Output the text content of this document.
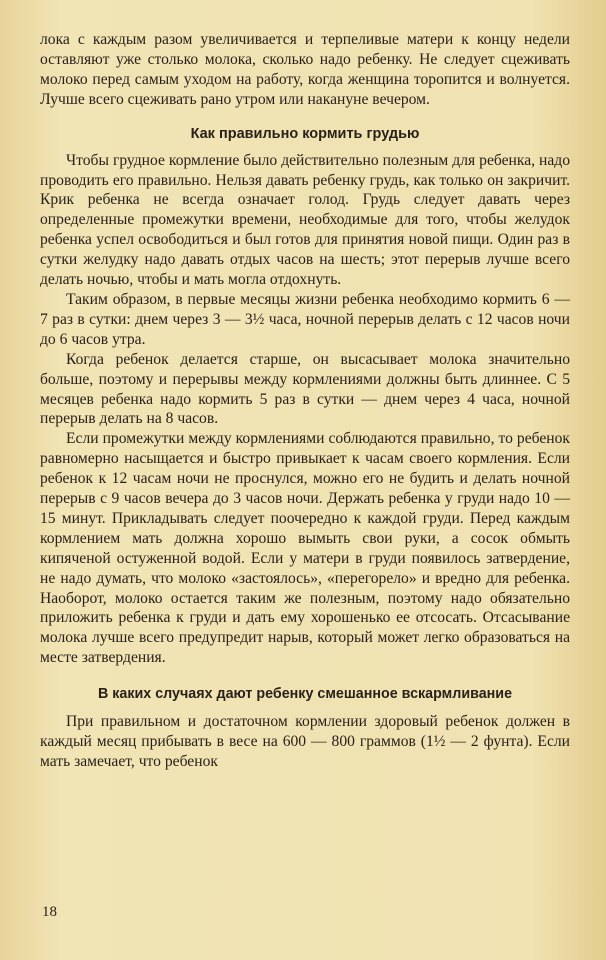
лока с каждым разом увеличивается и терпеливые матери к концу недели оставляют уже столько молока, сколько надо ребенку. Не следует сцеживать молоко перед самым уходом на работу, когда женщина торопится и волнуется. Лучше всего сцеживать рано утром или накануне вечером.

Как правильно кормить грудью

Чтобы грудное кормление было действительно полезным для ребенка, надо проводить его правильно. Нельзя давать ребенку грудь, как только он закричит. Крик ребенка не всегда означает голод. Грудь следует давать через определенные промежутки времени, необходимые для того, чтобы желудок ребенка успел освободиться и был готов для принятия новой пищи. Один раз в сутки желудку надо давать отдых часов на шесть; этот перерыв лучше всего делать ночью, чтобы и мать могла отдохнуть.

Таким образом, в первые месяцы жизни ребенка необходимо кормить 6 — 7 раз в сутки: днем через 3 — 3½ часа, ночной перерыв делать с 12 часов ночи до 6 часов утра.

Когда ребенок делается старше, он высасывает молока значительно больше, поэтому и перерывы между кормлениями должны быть длиннее. С 5 месяцев ребенка надо кормить 5 раз в сутки — днем через 4 часа, ночной перерыв делать на 8 часов.

Если промежутки между кормлениями соблюдаются правильно, то ребенок равномерно насыщается и быстро привыкает к часам своего кормления. Если ребенок к 12 часам ночи не проснулся, можно его не будить и делать ночной перерыв с 9 часов вечера до 3 часов ночи. Держать ребенка у груди надо 10 — 15 минут. Прикладывать следует поочередно к каждой груди. Перед каждым кормлением мать должна хорошо вымыть свои руки, а сосок обмыть кипяченой остуженной водой. Если у матери в груди появилось затвердение, не надо думать, что молоко «застоялось», «перегорело» и вредно для ребенка. Наоборот, молоко остается таким же полезным, поэтому надо обязательно приложить ребенка к груди и дать ему хорошенько ее отсосать. Отсасывание молока лучше всего предупредит нарыв, который может легко образоваться на месте затвердения.

В каких случаях дают ребенку смешанное вскармливание

При правильном и достаточном кормлении здоровый ребенок должен в каждый месяц прибывать в весе на 600 — 800 граммов (1½ — 2 фунта). Если мать замечает, что ребенок

18
